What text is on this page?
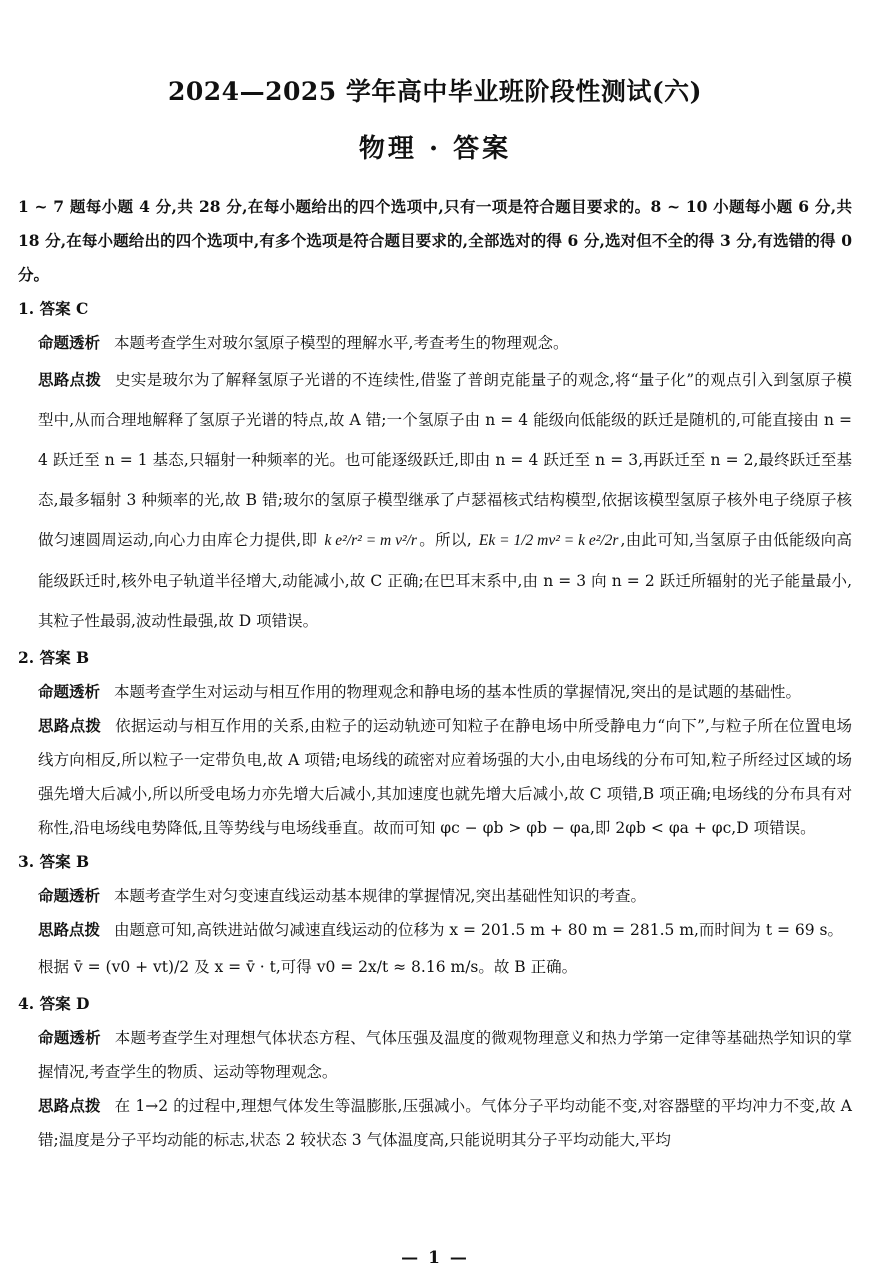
2024—2025 学年高中毕业班阶段性测试(六)
物理 · 答案

1 ~ 7 题每小题 4 分,共 28 分,在每小题给出的四个选项中,只有一项是符合题目要求的。8 ~ 10 小题每小题 6 分,共 18 分,在每小题给出的四个选项中,有多个选项是符合题目要求的,全部选对的得 6 分,选对但不全的得 3 分,有选错的得 0 分。

1. 答案 C

命题透析 本题考查学生对玻尔氢原子模型的理解水平,考查考生的物理观念。

思路点拨 史实是玻尔为了解释氢原子光谱的不连续性,借鉴了普朗克能量子的观念,将“量子化”的观点引入到氢原子模型中,从而合理地解释了氢原子光谱的特点,故 A 错;一个氢原子由 n = 4 能级向低能级的跃迁是随机的,可能直接由 n = 4 跃迁至 n = 1 基态,只辐射一种频率的光。也可能逐级跃迁,即由 n = 4 跃迁至 n = 3,再跃迁至 n = 2,最终跃迁至基态,最多辐射 3 种频率的光,故 B 错;玻尔的氢原子模型继承了卢瑟福核式结构模型,依据该模型氢原子核外电子绕原子核做匀速圆周运动,向心力由库仑力提供,即 k e²/r² = m v²/r 。所以, Ek = 1/2 mv² = k e²/2r ,由此可知,当氢原子由低能级向高能级跃迁时,核外电子轨道半径增大,动能减小,故 C 正确;在巴耳末系中,由 n = 3 向 n = 2 跃迁所辐射的光子能量最小,其粒子性最弱,波动性最强,故 D 项错误。

2. 答案 B

命题透析 本题考查学生对运动与相互作用的物理观念和静电场的基本性质的掌握情况,突出的是试题的基础性。

思路点拨 依据运动与相互作用的关系,由粒子的运动轨迹可知粒子在静电场中所受静电力“向下”,与粒子所在位置电场线方向相反,所以粒子一定带负电,故 A 项错;电场线的疏密对应着场强的大小,由电场线的分布可知,粒子所经过区域的场强先增大后减小,所以所受电场力亦先增大后减小,其加速度也就先增大后减小,故 C 项错,B 项正确;电场线的分布具有对称性,沿电场线电势降低,且等势线与电场线垂直。故而可知 φc − φb > φb − φa,即 2φb < φa + φc,D 项错误。

3. 答案 B

命题透析 本题考查学生对匀变速直线运动基本规律的掌握情况,突出基础性知识的考查。

思路点拨 由题意可知,高铁进站做匀减速直线运动的位移为 x = 201.5 m + 80 m = 281.5 m,而时间为 t = 69 s。

根据 v̄ = (v0 + vt)/2 及 x = v̄ · t,可得 v0 = 2x/t ≈ 8.16 m/s。故 B 正确。

4. 答案 D

命题透析 本题考查学生对理想气体状态方程、气体压强及温度的微观物理意义和热力学第一定律等基础热学知识的掌握情况,考查学生的物质、运动等物理观念。

思路点拨 在 1→2 的过程中,理想气体发生等温膨胀,压强减小。气体分子平均动能不变,对容器壁的平均冲力不变,故 A 错;温度是分子平均动能的标志,状态 2 较状态 3 气体温度高,只能说明其分子平均动能大,平均

— 1 —
